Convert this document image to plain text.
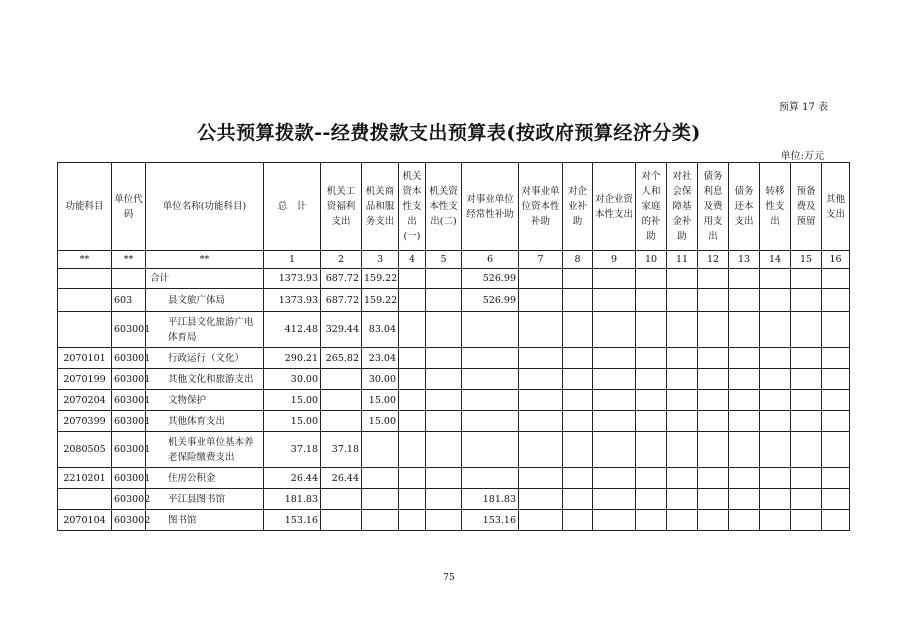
预算 17 表
公共预算拨款--经费拨款支出预算表(按政府预算经济分类)
单位:万元
功能科目	单位代码	单位名称(功能科目)	总　计	机关工资福利支出	机关商品和服务支出	机关资本性支出(一)	机关资本性支出(二)	对事业单位经常性补助	对事业单位资本性补助	对企业补助	对企业资本性支出	对个人和家庭的补助	对社会保障基金补助	债务利息及费用支出	债务还本支出	转移性支出	预备费及预留	其他支出
**	**	**	1	2	3	4	5	6	7	8	9	10	11	12	13	14	15	16
		合计	1373.93	687.72	159.22			526.99										
	603	县文旅广体局	1373.93	687.72	159.22			526.99										
	603001	平江县文化旅游广电体育局	412.48	329.44	83.04													
2070101	603001	行政运行（文化）	290.21	265.82	23.04													
2070199	603001	其他文化和旅游支出	30.00		30.00													
2070204	603001	文物保护	15.00		15.00													
2070399	603001	其他体育支出	15.00		15.00													
2080505	603001	机关事业单位基本养老保险缴费支出	37.18	37.18														
2210201	603001	住房公积金	26.44	26.44														
	603002	平江县图书馆	181.83					181.83										
2070104	603002	图书馆	153.16					153.16										
75
